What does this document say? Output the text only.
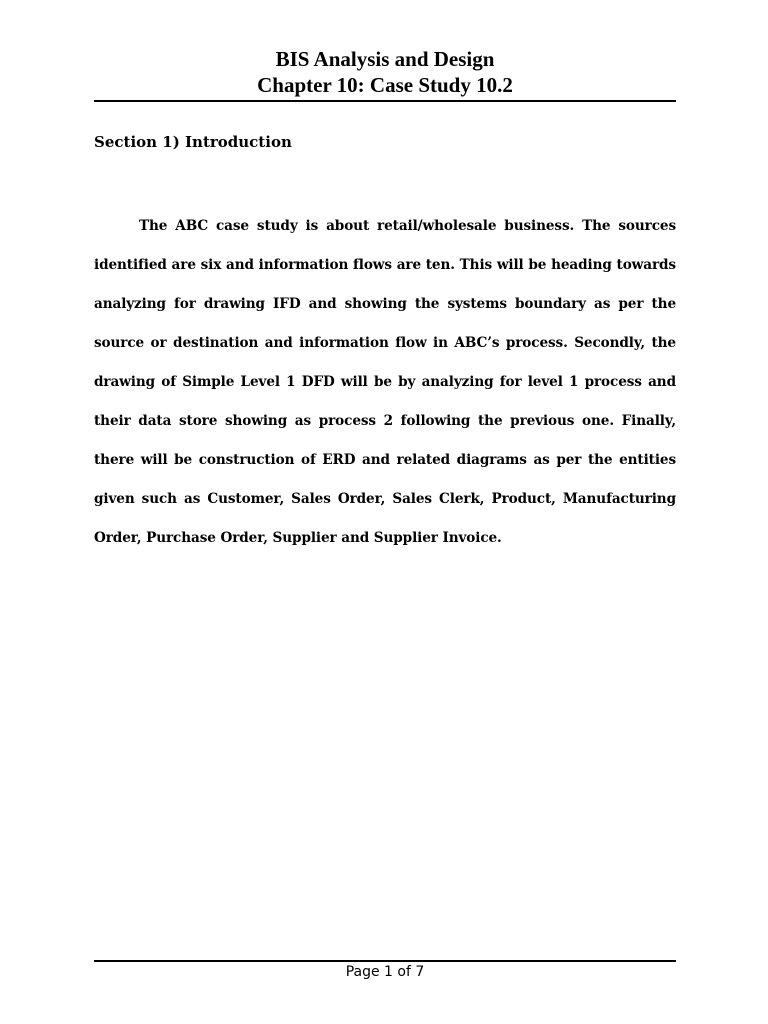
BIS Analysis and Design

Chapter 10: Case Study 10.2

Section 1) Introduction

The ABC case study is about retail/wholesale business. The sources identified are six and information flows are ten. This will be heading towards analyzing for drawing IFD and showing the systems boundary as per the source or destination and information flow in ABC’s process. Secondly, the drawing of Simple Level 1 DFD will be by analyzing for level 1 process and their data store showing as process 2 following the previous one. Finally, there will be construction of ERD and related diagrams as per the entities given such as Customer, Sales Order, Sales Clerk, Product, Manufacturing Order, Purchase Order, Supplier and Supplier Invoice.

Page 1 of 7
